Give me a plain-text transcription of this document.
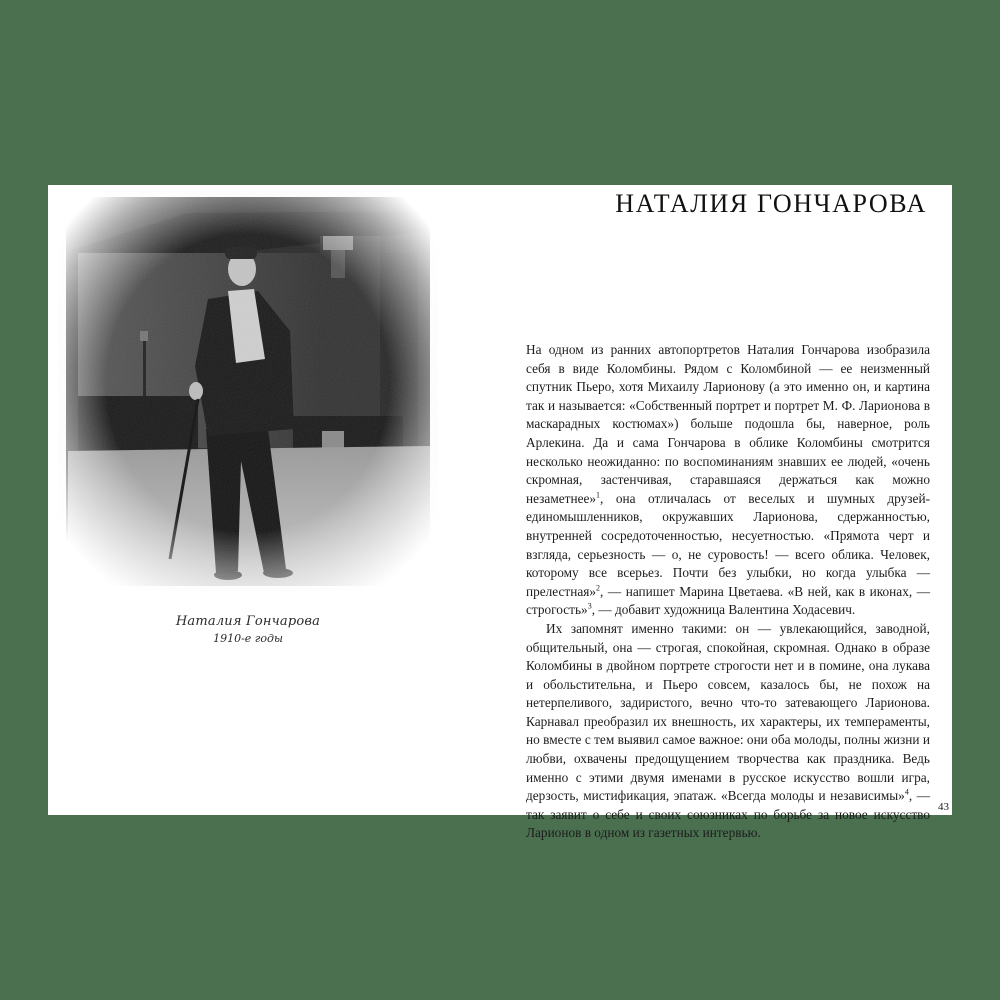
Наталия Гончарова
1910-е годы
НАТАЛИЯ ГОНЧАРОВА

На одном из ранних автопортретов Наталия Гончарова изобразила себя в виде Коломбины. Рядом с Коломбиной — ее неизменный спутник Пьеро, хотя Михаилу Ларионову (а это именно он, и картина так и называется: «Собственный портрет и портрет М. Ф. Ларионова в маскарадных костюмах») больше подошла бы, наверное, роль Арлекина. Да и сама Гончарова в облике Коломбины смотрится несколько неожиданно: по воспоминаниям знавших ее людей, «очень скромная, застенчивая, старавшаяся держаться как можно незаметнее»$^1$, она отличалась от веселых и шумных друзей-единомышленников, окружавших Ларионова, сдержанностью, внутренней сосредоточенностью, несуетностью. «Прямота черт и взгляда, серьезность — о, не суровость! — всего облика. Человек, которому все всерьез. Почти без улыбки, но когда улыбка — прелестная»$^2$, — напишет Марина Цветаева. «В ней, как в иконах, — строгость»$^3$, — добавит художница Валентина Ходасевич.

Их запомнят именно такими: он — увлекающийся, заводной, общительный, она — строгая, спокойная, скромная. Однако в образе Коломбины в двойном портрете строгости нет и в помине, она лукава и обольстительна, и Пьеро совсем, казалось бы, не похож на нетерпеливого, задиристого, вечно что-то затевающего Ларионова. Карнавал преобразил их внешность, их характеры, их темпераменты, но вместе с тем выявил самое важное: они оба молоды, полны жизни и любви, охвачены предощущением творчества как праздника. Ведь именно с этими двумя именами в русское искусство вошли игра, дерзость, мистификация, эпатаж. «Всегда молоды и независимы»$^4$, — так заявит о себе и своих союзниках по борьбе за новое искусство Ларионов в одном из газетных интервью.

43
